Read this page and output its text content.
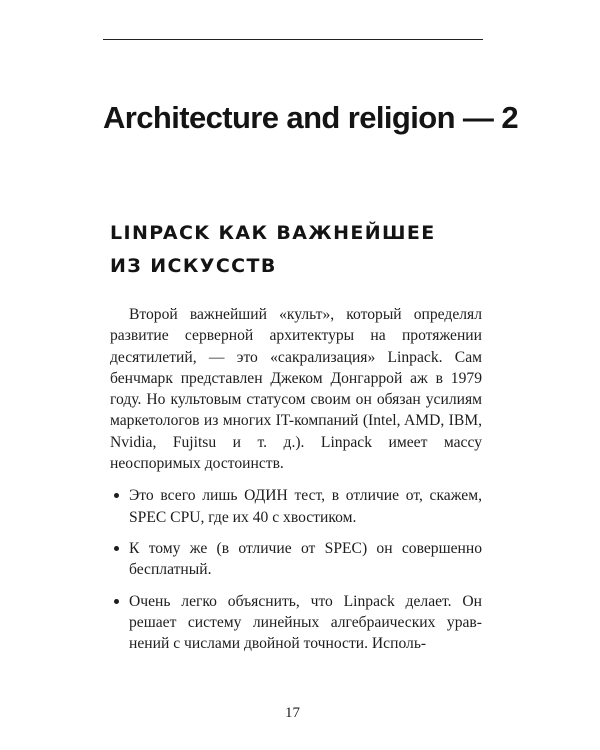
Architecture and religion — 2
LINPACK КАК ВАЖНЕЙШЕЕ ИЗ ИСКУССТВ

Второй важнейший «культ», который определял развитие серверной архитектуры на протяжении десятилетий, — это «сакрализация» Linpack. Сам бенчмарк представлен Джеком Донгаррой аж в 1979 году. Но культовым статусом своим он обязан усилиям маркетологов из многих IT-компаний (Intel, AMD, IBM, Nvidia, Fujitsu и т. д.). Linpack имеет массу неоспоримых достоинств.

Это всего лишь ОДИН тест, в отличие от, скажем, SPEC CPU, где их 40 с хвостиком.
К тому же (в отличие от SPEC) он совершенно бесплатный.
Очень легко объяснить, что Linpack делает. Он решает систему линейных алгебраических уравнений с числами двойной точности. Исполь-
17
